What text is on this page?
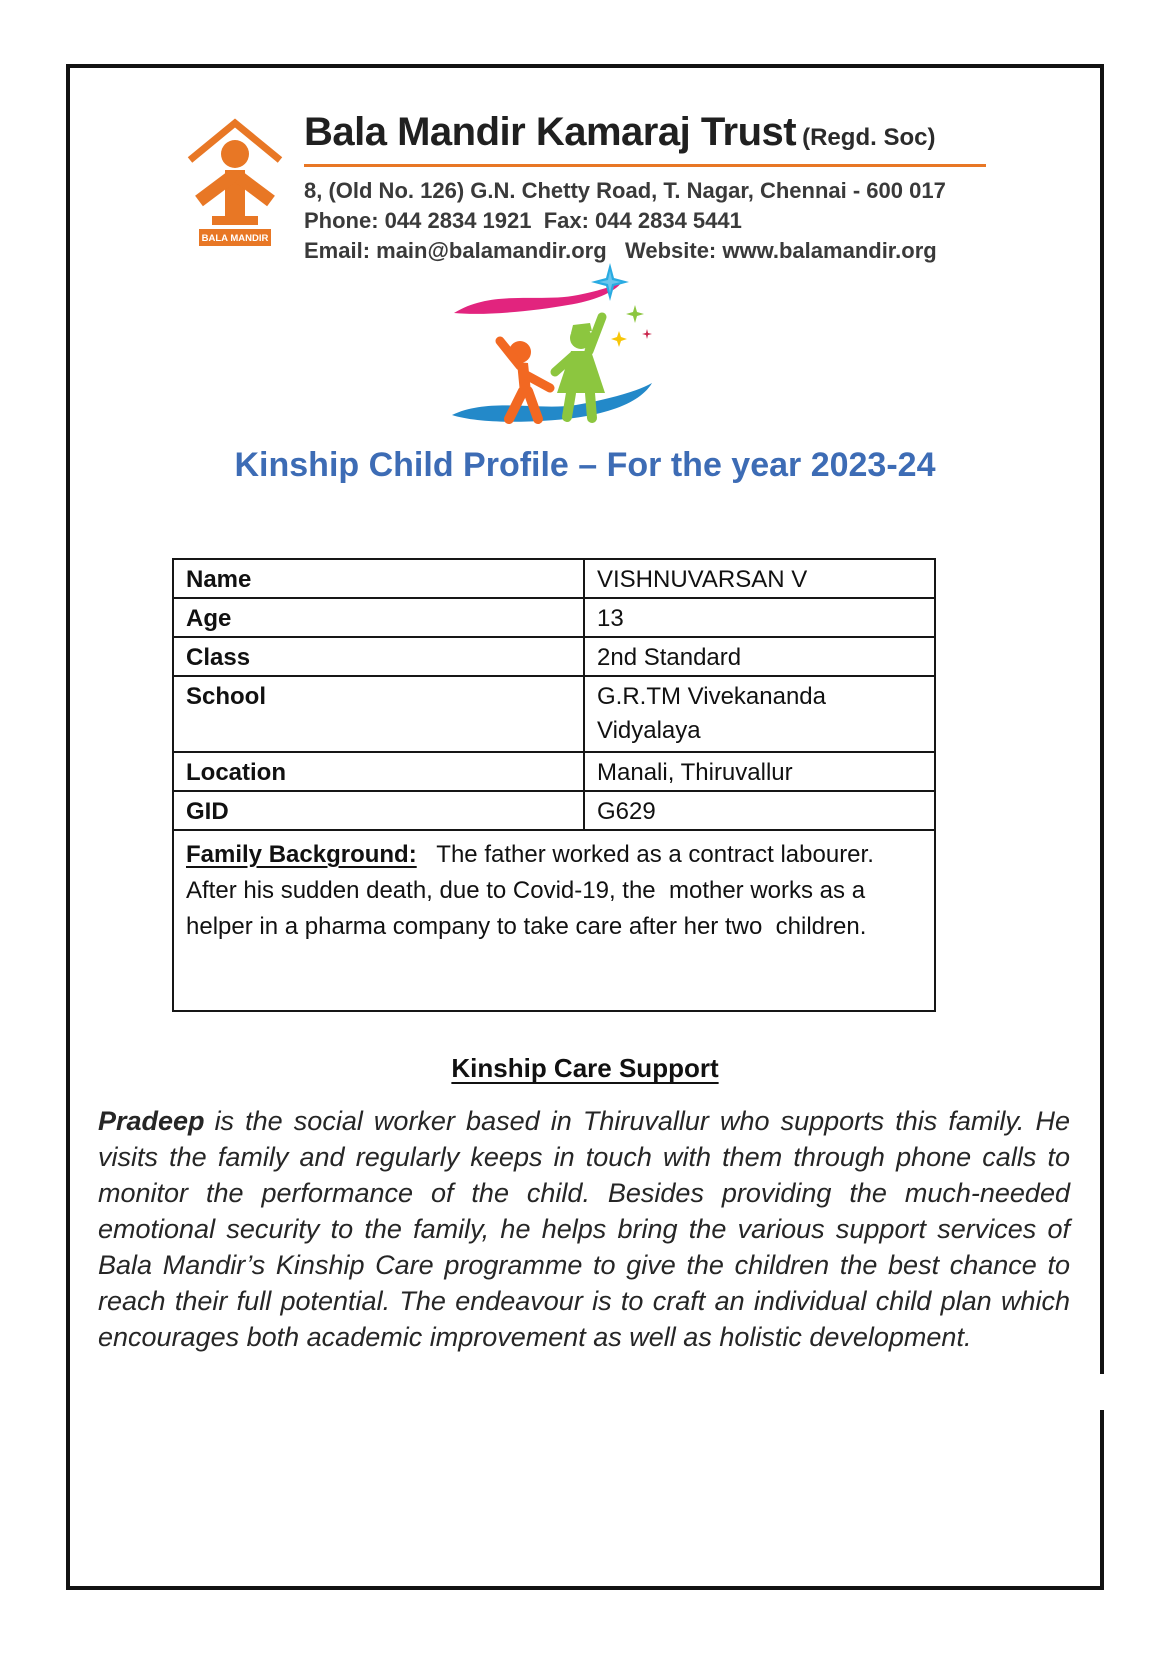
BALA MANDIR
Bala Mandir Kamaraj Trust (Regd. Soc)
8, (Old No. 126) G.N. Chetty Road, T. Nagar, Chennai - 600 017
Phone: 044 2834 1921  Fax: 044 2834 5441
Email: main@balamandir.org   Website: www.balamandir.org
Kinship Child Profile – For the year 2023-24
Name	VISHNUVARSAN V
Age	13
Class	2nd Standard
School	G.R.TM Vivekananda Vidyalaya
Location	Manali, Thiruvallur
GID	G629
Family Background: The father worked as a contract labourer. After his sudden death, due to Covid-19, the  mother works as a helper in a pharma company to take care after her two  children.	
Kinship Care Support

Pradeep is the social worker based in Thiruvallur who supports this family. He visits the family and regularly keeps in touch with them through phone calls to monitor the performance of the child. Besides providing the much-needed emotional security to the family, he helps bring the various support services of Bala Mandir’s Kinship Care programme to give the children the best chance to reach their full potential. The endeavour is to craft an individual child plan which encourages both academic improvement as well as holistic development.
